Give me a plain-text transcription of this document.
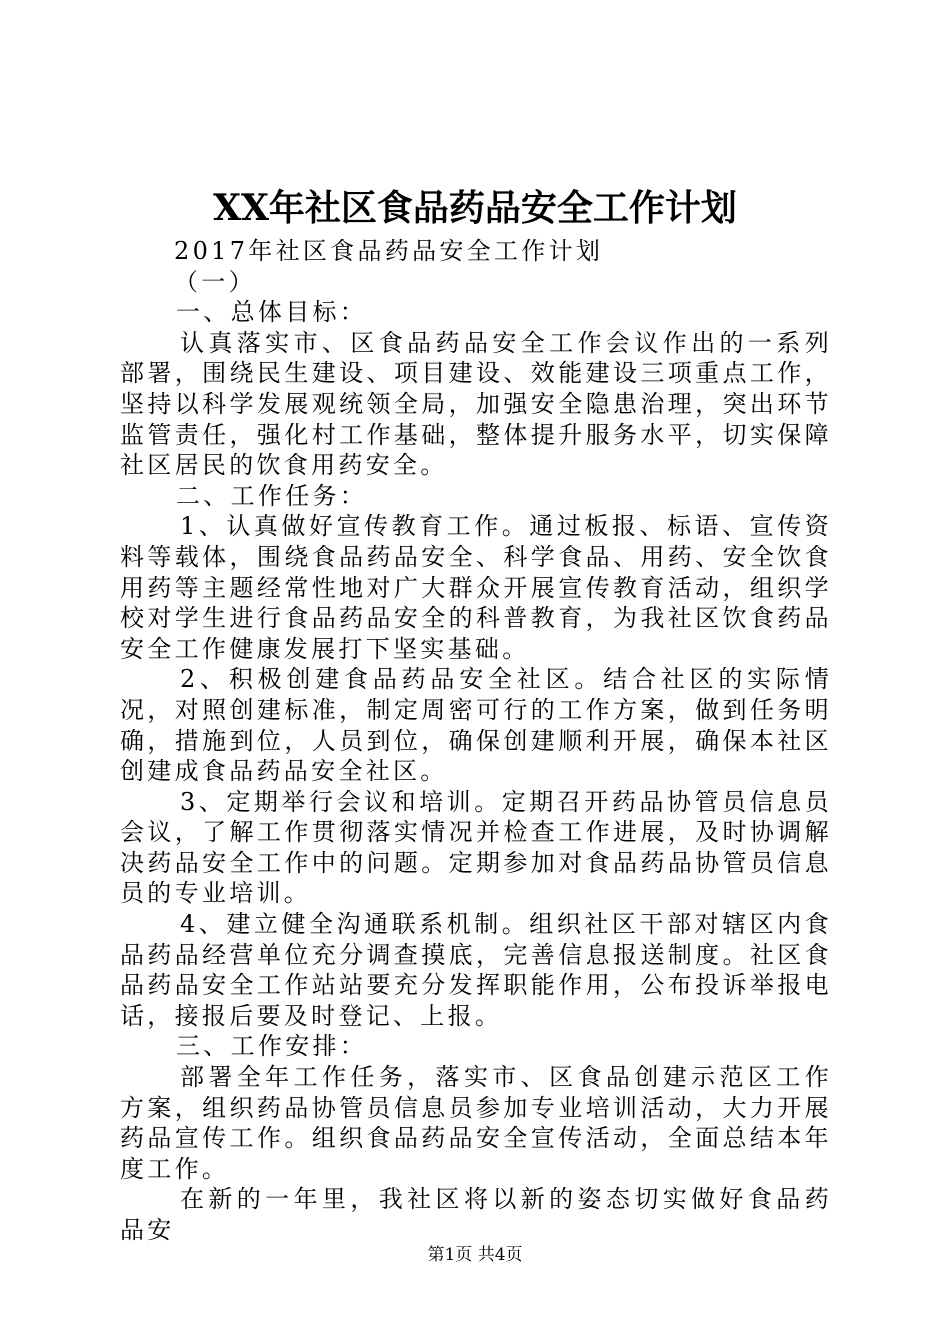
XX年社区食品药品安全工作计划

2017年社区食品药品安全工作计划

（一）

一、总体目标：

认真落实市、区食品药品安全工作会议作出的一系列部署，围绕民生建设、项目建设、效能建设三项重点工作，坚持以科学发展观统领全局，加强安全隐患治理，突出环节监管责任，强化村工作基础，整体提升服务水平，切实保障社区居民的饮食用药安全。

二、工作任务：

1、认真做好宣传教育工作。通过板报、标语、宣传资料等载体，围绕食品药品安全、科学食品、用药、安全饮食用药等主题经常性地对广大群众开展宣传教育活动，组织学校对学生进行食品药品安全的科普教育，为我社区饮食药品安全工作健康发展打下坚实基础。

2、积极创建食品药品安全社区。结合社区的实际情况，对照创建标准，制定周密可行的工作方案，做到任务明确，措施到位，人员到位，确保创建顺利开展，确保本社区创建成食品药品安全社区。

3、定期举行会议和培训。定期召开药品协管员信息员会议，了解工作贯彻落实情况并检查工作进展，及时协调解决药品安全工作中的问题。定期参加对食品药品协管员信息员的专业培训。

4、建立健全沟通联系机制。组织社区干部对辖区内食品药品经营单位充分调查摸底，完善信息报送制度。社区食品药品安全工作站站要充分发挥职能作用，公布投诉举报电话，接报后要及时登记、上报。

三、工作安排：

部署全年工作任务，落实市、区食品创建示范区工作方案，组织药品协管员信息员参加专业培训活动，大力开展药品宣传工作。组织食品药品安全宣传活动，全面总结本年度工作。

在新的一年里，我社区将以新的姿态切实做好食品药品安

第1页 共4页
